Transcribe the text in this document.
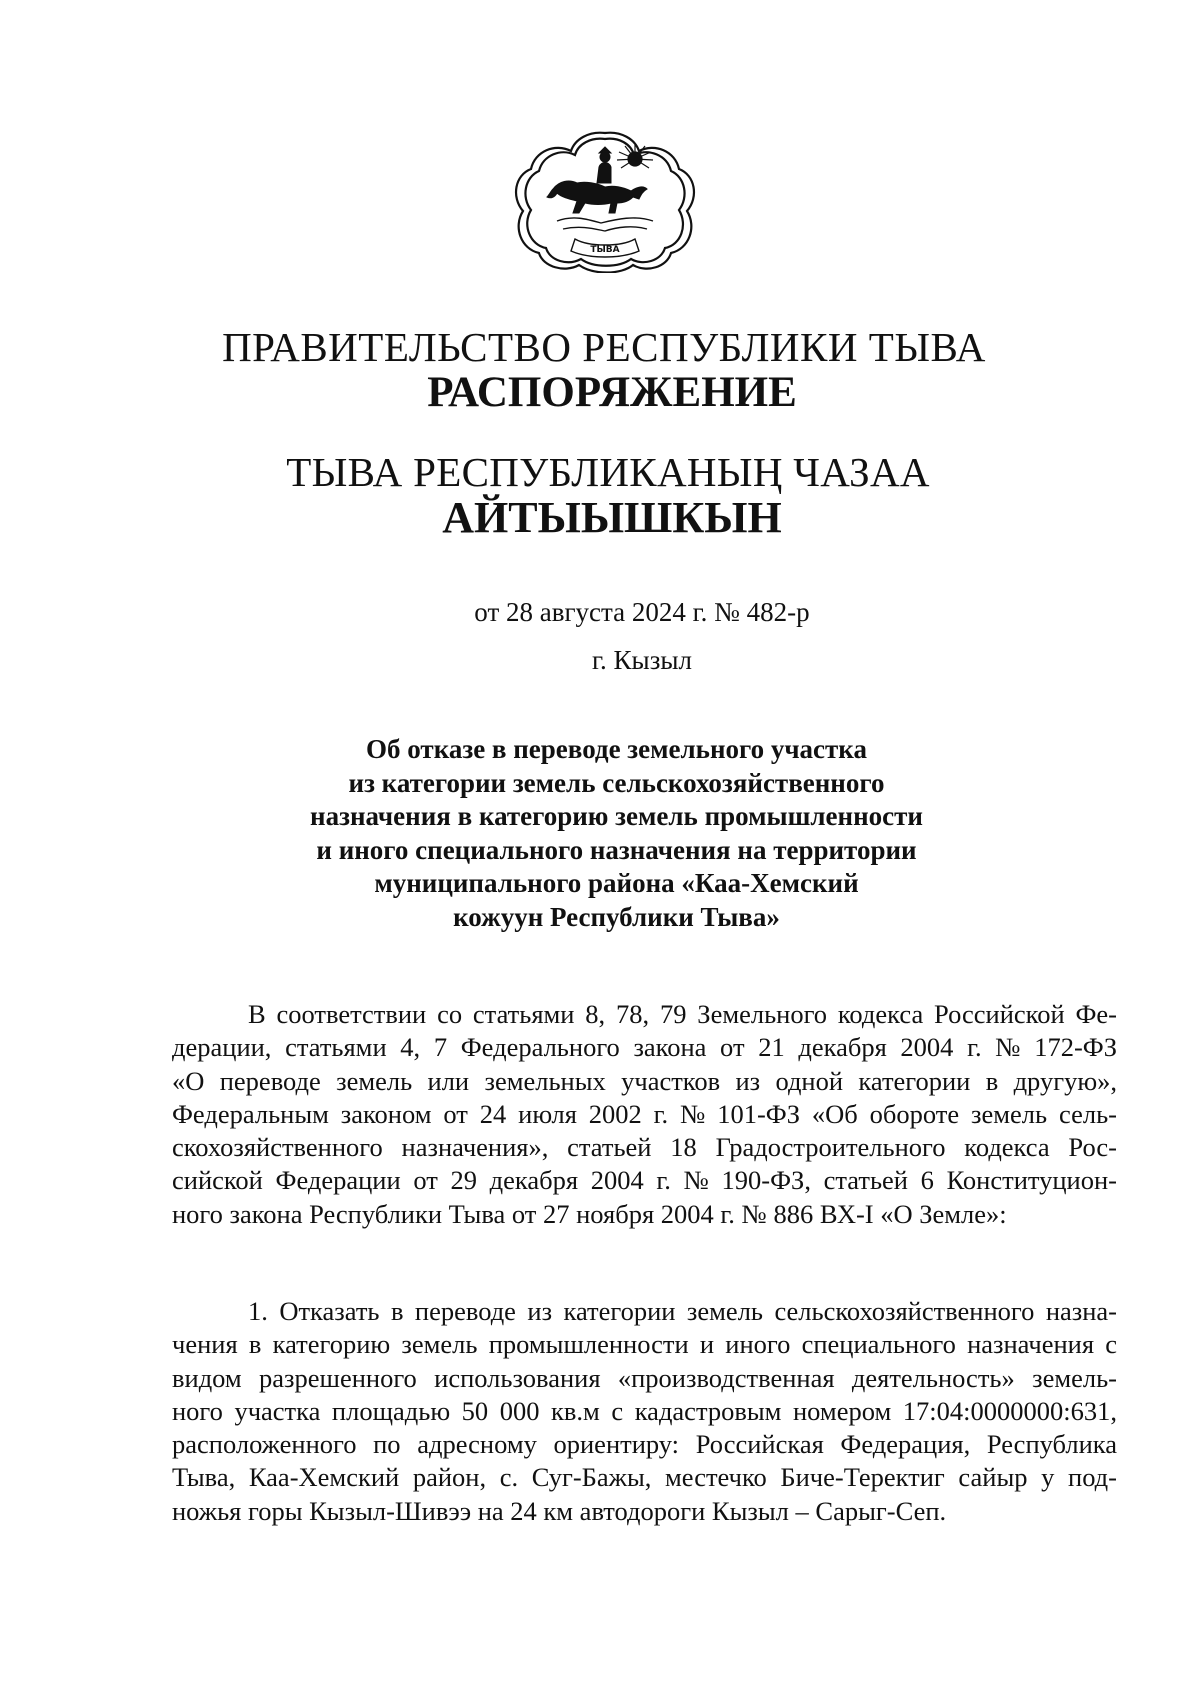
ТЫВА
ПРАВИТЕЛЬСТВО РЕСПУБЛИКИ ТЫВА
РАСПОРЯЖЕНИЕ
ТЫВА РЕСПУБЛИКАНЫҢ ЧАЗАА
АЙТЫЫШКЫН
от 28 августа 2024 г. № 482-р
г. Кызыл
Об отказе в переводе земельного участка
из категории земель сельскохозяйственного
назначения в категорию земель промышленности
и иного специального назначения на территории
муниципального района «Каа-Хемский
кожуун Республики Тыва»
В соответствии со статьями 8, 78, 79 Земельного кодекса Российской Фе-
дерации, статьями 4, 7 Федерального закона от 21 декабря 2004 г. № 172-ФЗ
«О переводе земель или земельных участков из одной категории в другую»,
Федеральным законом от 24 июля 2002 г. № 101-ФЗ «Об обороте земель сель-
скохозяйственного назначения», статьей 18 Градостроительного кодекса Рос-
сийской Федерации от 29 декабря 2004 г. № 190-ФЗ, статьей 6 Конституцион-
ного закона Республики Тыва от 27 ноября 2004 г. № 886 ВХ-I «О Земле»:
1. Отказать в переводе из категории земель сельскохозяйственного назна-
чения в категорию земель промышленности и иного специального назначения с
видом разрешенного использования «производственная деятельность» земель-
ного участка площадью 50 000 кв.м с кадастровым номером 17:04:0000000:631,
расположенного по адресному ориентиру: Российская Федерация, Республика
Тыва, Каа-Хемский район, с. Суг-Бажы, местечко Биче-Теректиг сайыр у под-
ножья горы Кызыл-Шивээ на 24 км автодороги Кызыл – Сарыг-Сеп.
